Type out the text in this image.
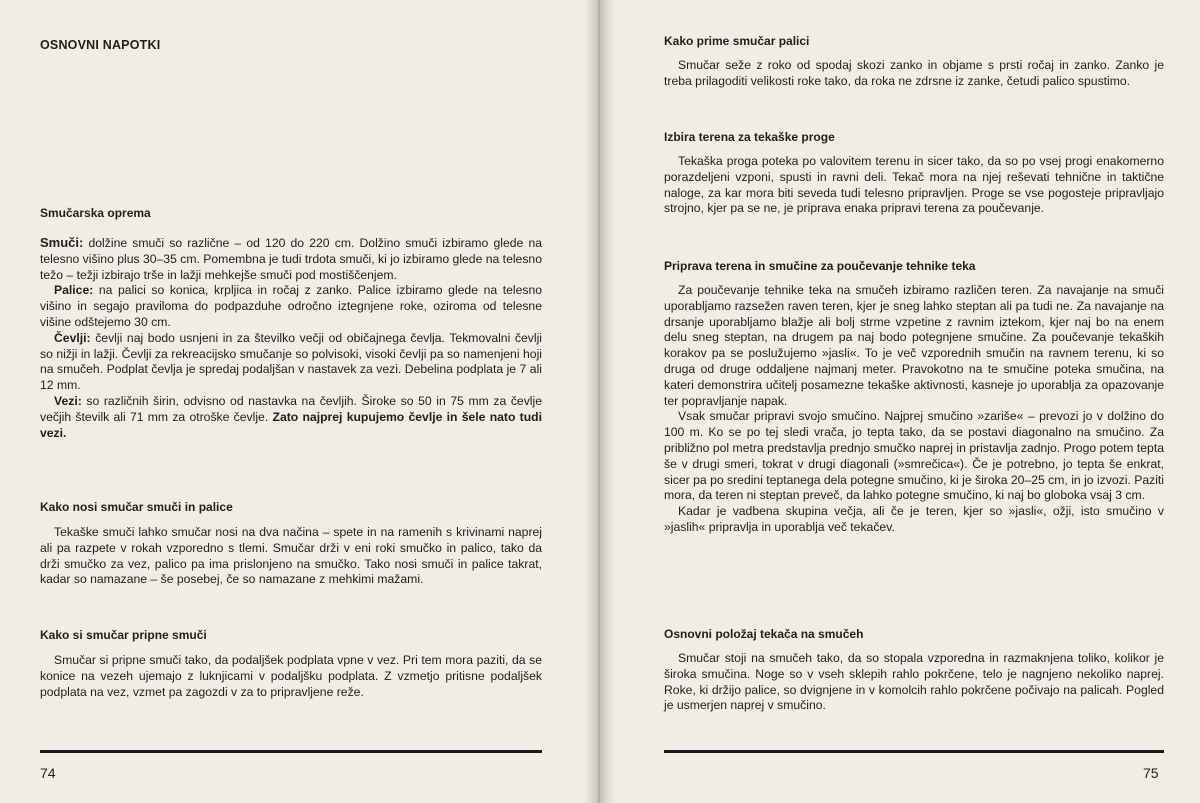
OSNOVNI NAPOTKI
Smučarska oprema

Smuči: dolžine smuči so različne – od 120 do 220 cm. Dolžino smuči izbiramo glede na telesno višino plus 30–35 cm. Pomembna je tudi trdota smuči, ki jo izbiramo glede na telesno težo – težji izbirajo trše in lažji mehkejše smuči pod mostiščenjem.

Palice: na palici so konica, krpljica in ročaj z zanko. Palice izbiramo glede na telesno višino in segajo praviloma do podpazduhe odročno iztegnjene roke, oziroma od telesne višine odštejemo 30 cm.

Čevlji: čevlji naj bodo usnjeni in za številko večji od običajnega čevlja. Tekmovalni čevlji so nižji in lažji. Čevlji za rekreacijsko smučanje so polvisoki, visoki čevlji pa so namenjeni hoji na smučeh. Podplat čevlja je spredaj podaljšan v nastavek za vezi. Debelina podplata je 7 ali 12 mm.

Vezi: so različnih širin, odvisno od nastavka na čevljih. Široke so 50 in 75 mm za čevlje večjih številk ali 71 mm za otroške čevlje. Zato najprej kupujemo čevlje in šele nato tudi vezi.

Kako nosi smučar smuči in palice

Tekaške smuči lahko smučar nosi na dva načina – spete in na ramenih s krivinami naprej ali pa razpete v rokah vzporedno s tlemi. Smučar drži v eni roki smučko in palico, tako da drži smučko za vez, palico pa ima prislonjeno na smučko. Tako nosi smuči in palice takrat, kadar so namazane – še posebej, če so namazane z mehkimi mažami.

Kako si smučar pripne smuči

Smučar si pripne smuči tako, da podaljšek podplata vpne v vez. Pri tem mora paziti, da se konice na vezeh ujemajo z luknjicami v podaljšku podplata. Z vzmetjo pritisne podaljšek podplata na vez, vzmet pa zagozdi v za to pripravljene reže.

74
Kako prime smučar palici

Smučar seže z roko od spodaj skozi zanko in objame s prsti ročaj in zanko. Zanko je treba prilagoditi velikosti roke tako, da roka ne zdrsne iz zanke, četudi palico spustimo.

Izbira terena za tekaške proge

Tekaška proga poteka po valovitem terenu in sicer tako, da so po vsej progi enakomerno porazdeljeni vzponi, spusti in ravni deli. Tekač mora na njej reševati tehnične in taktične naloge, za kar mora biti seveda tudi telesno pripravljen. Proge se vse pogosteje pripravljajo strojno, kjer pa se ne, je priprava enaka pripravi terena za poučevanje.

Priprava terena in smučine za poučevanje tehnike teka

Za poučevanje tehnike teka na smučeh izbiramo različen teren. Za navajanje na smuči uporabljamo razsežen raven teren, kjer je sneg lahko steptan ali pa tudi ne. Za navajanje na drsanje uporabljamo blažje ali bolj strme vzpetine z ravnim iztekom, kjer naj bo na enem delu sneg steptan, na drugem pa naj bodo potegnjene smučine. Za poučevanje tekaških korakov pa se poslužujemo »jasli«. To je več vzporednih smučin na ravnem terenu, ki so druga od druge oddaljene najmanj meter. Pravokotno na te smučine poteka smučina, na kateri demonstrira učitelj posamezne tekaške aktivnosti, kasneje jo uporablja za opazovanje ter popravljanje napak.

Vsak smučar pripravi svojo smučino. Najprej smučino »zariše« – prevozi jo v dolžino do 100 m. Ko se po tej sledi vrača, jo tepta tako, da se postavi diagonalno na smučino. Za približno pol metra predstavlja prednjo smučko naprej in pristavlja zadnjo. Progo potem tepta še v drugi smeri, tokrat v drugi diagonali (»smrečica«). Če je potrebno, jo tepta še enkrat, sicer pa po sredini teptanega dela potegne smučino, ki je široka 20–25 cm, in jo izvozi. Paziti mora, da teren ni steptan preveč, da lahko potegne smučino, ki naj bo globoka vsaj 3 cm.

Kadar je vadbena skupina večja, ali če je teren, kjer so »jasli«, ožji, isto smučino v »jaslih« pripravlja in uporablja več tekačev.

Osnovni položaj tekača na smučeh

Smučar stoji na smučeh tako, da so stopala vzporedna in razmaknjena toliko, kolikor je široka smučina. Noge so v vseh sklepih rahlo pokrčene, telo je nagnjeno nekoliko naprej. Roke, ki držijo palice, so dvignjene in v komolcih rahlo pokrčene počivajo na palicah. Pogled je usmerjen naprej v smučino.

75
